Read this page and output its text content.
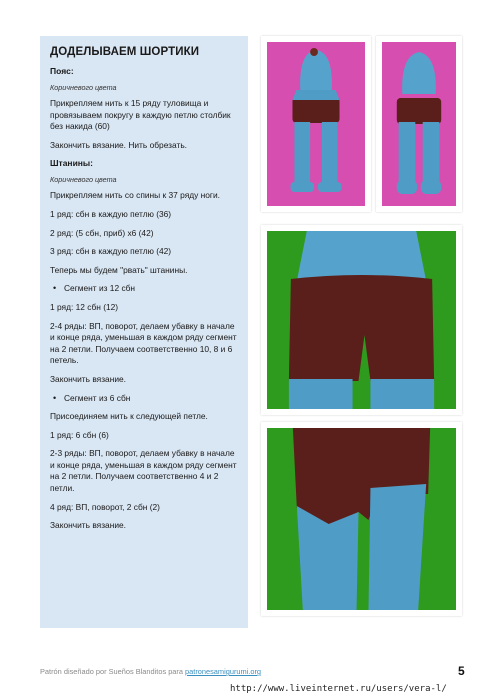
ДОДЕЛЫВАЕМ ШОРТИКИ
Пояс:
Коричневого цвета
Прикрепляем нить к 15 ряду туловища и провязываем покругу в каждую петлю столбик без накида (60)
Закончить вязание. Нить обрезать.
Штанины:
Коричневого цвета
Прикрепляем нить со спины к 37 ряду ноги.
1 ряд: сбн в каждую петлю (36)
2 ряд: (5 сбн, приб) х6 (42)
3 ряд: сбн в каждую петлю (42)
Теперь мы будем "рвать" штанины.
• Сегмент из 12 сбн
1 ряд: 12 сбн (12)
2-4 ряды: ВП, поворот, делаем убавку в начале и конце ряда, уменьшая в каждом ряду сегмент на 2 петли. Получаем соответственно 10, 8 и 6 петель.
Закончить вязание.
• Сегмент из 6 сбн
Присоединяем нить к следующей петле.
1 ряд: 6 сбн (6)
2-3 ряды: ВП, поворот, делаем убавку в начале и конце ряда, уменьшая в каждом ряду сегмент на 2 петли. Получаем соответственно 4 и 2 петли.
4 ряд: ВП, поворот, 2 сбн (2)
Закончить вязание.
Patrón diseñado por Sueños Blanditos para patronesamigurumi.org	5
http://www.liveinternet.ru/users/vera-l/
